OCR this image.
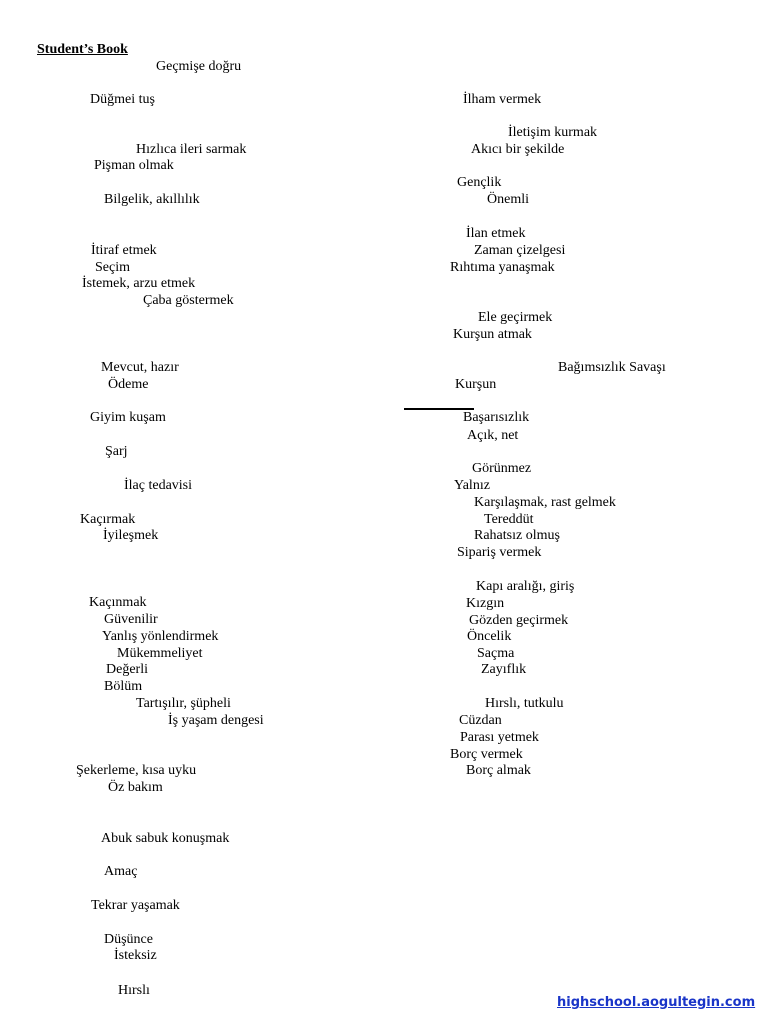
Student’s Book
Geçmişe doğru
Düğmei tuş
Hızlıca ileri sarmak
Pişman olmak
Bilgelik, akıllılık
İtiraf etmek
Seçim
İstemek, arzu etmek
Çaba göstermek
Mevcut, hazır
Ödeme
Giyim kuşam
Şarj
İlaç tedavisi
Kaçırmak
İyileşmek
Kaçınmak
Güvenilir
Yanlış yönlendirmek
Mükemmeliyet
Değerli
Bölüm
Tartışılır, şüpheli
İş yaşam dengesi
Şekerleme, kısa uyku
Öz bakım
Abuk sabuk konuşmak
Amaç
Tekrar yaşamak
Düşünce
İsteksiz
Hırslı
İlham vermek
İletişim kurmak
Akıcı bir şekilde
Gençlik
Önemli
İlan etmek
Zaman çizelgesi
Rıhtıma yanaşmak
Ele geçirmek
Kurşun atmak
Bağımsızlık Savaşı
Kurşun
Başarısızlık
Açık, net
Görünmez
Yalnız
Karşılaşmak, rast gelmek
Tereddüt
Rahatsız olmuş
Sipariş vermek
Kapı aralığı, giriş
Kızgın
Gözden geçirmek
Öncelik
Saçma
Zayıflık
Hırslı, tutkulu
Cüzdan
Parası yetmek
Borç vermek
Borç almak
highschool.aogultegin.com
